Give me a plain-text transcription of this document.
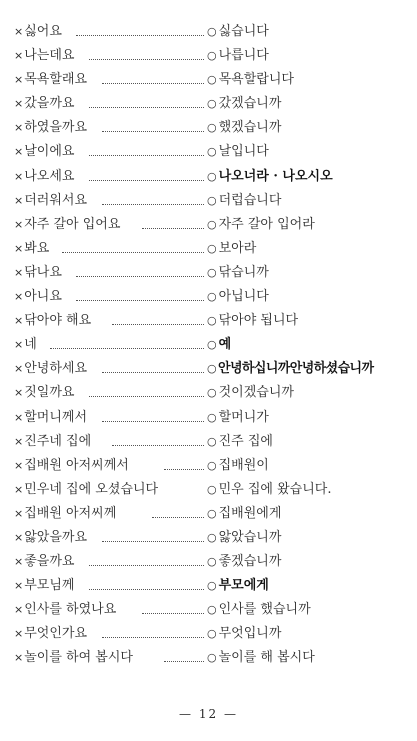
×싫어요	○ 싫습니다
×나는데요	○ 나릅니다
×목욕할래요	○ 목욕할랍니다
×갔을까요	○ 갔겠습니까
×하였을까요	○ 했겠습니까
×날이에요	○ 날입니다
×나오세요	○ 나오너라 · 나오시오
×더러워서요	○ 더럽습니다
×자주 갈아 입어요	○ 자주 갈아 입어라
×봐요	○ 보아라
×닦나요	○ 닦습니까
×아니요	○ 아닙니다
×닦아야 해요	○ 닦아야 됩니다
×네	○ 예
×안녕하세요	○ 안녕하십니까안녕하셨습니까
×짓일까요	○ 것이겠습니까
×할머니께서	○ 할머니가
×진주네 집에	○ 진주 집에
×집배원 아저씨께서	○ 집배원이
×민우네 집에 오셨습니다	○ 민우 집에 왔습니다.
×집배원 아저씨께	○ 집배원에게
×앓았을까요	○ 앓았습니까
×좋을까요	○ 좋겠습니까
×부모님께	○ 부모에게
×인사를 하였나요	○ 인사를 했습니까
×무엇인가요	○ 무엇입니까
×놀이를 하여 봅시다	○ 놀이를 해 봅시다
— 12 —
